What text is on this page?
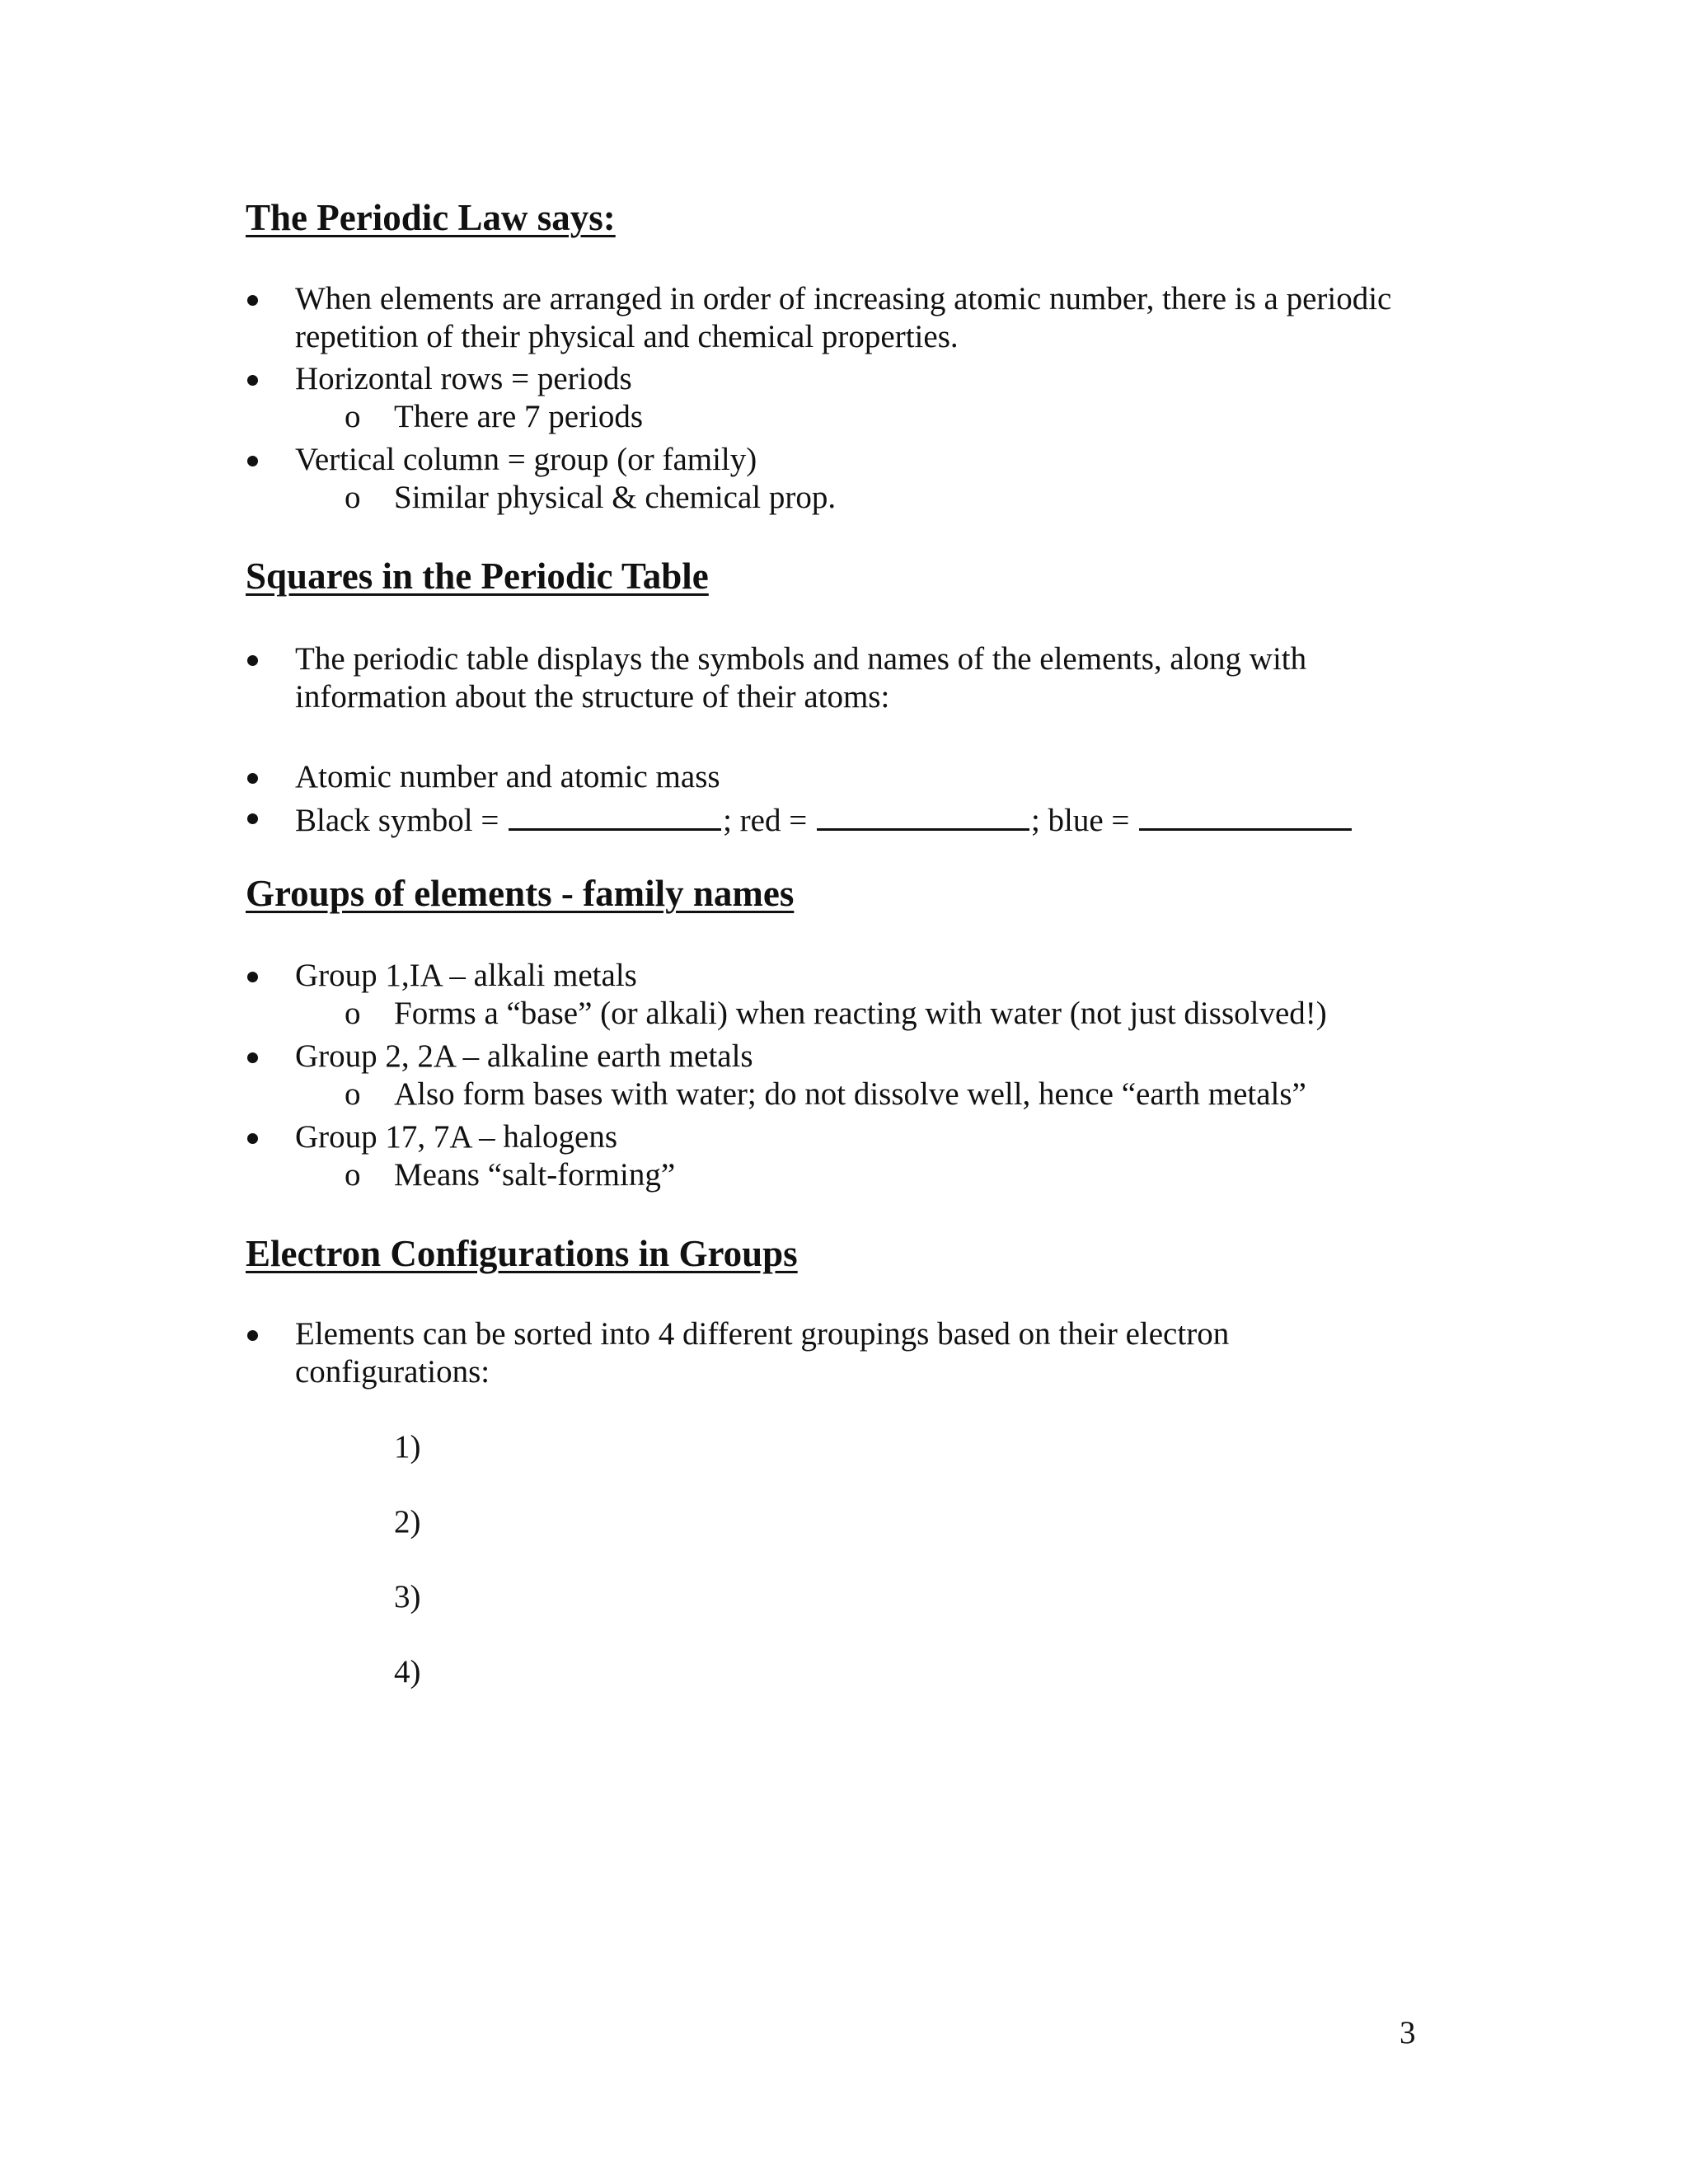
The Periodic Law says:
When elements are arranged in order of increasing atomic number, there is a periodic
repetition of their physical and chemical properties.
Horizontal rows = periods
o There are 7 periods
Vertical column = group (or family)
o Similar physical & chemical prop.
Squares in the Periodic Table
The periodic table displays the symbols and names of the elements, along with
information about the structure of their atoms:
Atomic number and atomic mass
Black symbol =	; red =	; blue =
Groups of elements - family names
Group 1,IA – alkali metals
o Forms a “base” (or alkali) when reacting with water (not just dissolved!)
Group 2, 2A – alkaline earth metals
o Also form bases with water; do not dissolve well, hence “earth metals”
Group 17, 7A – halogens
o Means “salt-forming”
Electron Configurations in Groups
Elements can be sorted into 4 different groupings based on their electron
configurations:
1)
2)
3)
4)
3
